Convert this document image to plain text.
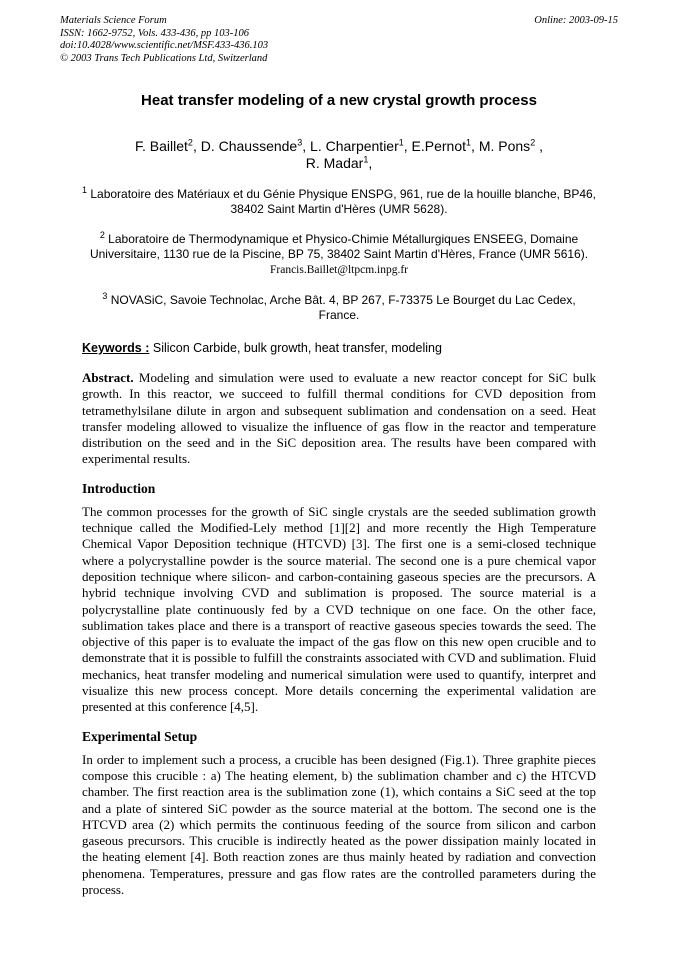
Materials Science Forum
ISSN: 1662-9752, Vols. 433-436, pp 103-106
doi:10.4028/www.scientific.net/MSF.433-436.103
© 2003 Trans Tech Publications Ltd, Switzerland
Online: 2003-09-15
Heat transfer modeling of a new crystal growth process
F. Baillet$^2$, D. Chaussende$^3$, L. Charpentier$^1$, E.Pernot$^1$, M. Pons$^2$ ,
R. Madar$^1$,

$^1$ Laboratoire des Matériaux et du Génie Physique ENSPG, 961, rue de la houille blanche, BP46, 38402 Saint Martin d'Hères (UMR 5628).

$^2$ Laboratoire de Thermodynamique et Physico-Chimie Métallurgiques ENSEEG, Domaine Universitaire, 1130 rue de la Piscine, BP 75, 38402 Saint Martin d'Hères, France (UMR 5616). Francis.Baillet@ltpcm.inpg.fr

$^3$ NOVASiC, Savoie Technolac, Arche Bât. 4, BP 267, F-73375 Le Bourget du Lac Cedex, France.

Keywords : Silicon Carbide, bulk growth, heat transfer, modeling

Abstract. Modeling and simulation were used to evaluate a new reactor concept for SiC bulk growth. In this reactor, we succeed to fulfill thermal conditions for CVD deposition from tetramethylsilane dilute in argon and subsequent sublimation and condensation on a seed. Heat transfer modeling allowed to visualize the influence of gas flow in the reactor and temperature distribution on the seed and in the SiC deposition area. The results have been compared with experimental results.

Introduction

The common processes for the growth of SiC single crystals are the seeded sublimation growth technique called the Modified-Lely method [1][2] and more recently the High Temperature Chemical Vapor Deposition technique (HTCVD) [3]. The first one is a semi-closed technique where a polycrystalline powder is the source material. The second one is a pure chemical vapor deposition technique where silicon- and carbon-containing gaseous species are the precursors. A hybrid technique involving CVD and sublimation is proposed. The source material is a polycrystalline plate continuously fed by a CVD technique on one face. On the other face, sublimation takes place and there is a transport of reactive gaseous species towards the seed. The objective of this paper is to evaluate the impact of the gas flow on this new open crucible and to demonstrate that it is possible to fulfill the constraints associated with CVD and sublimation. Fluid mechanics, heat transfer modeling and numerical simulation were used to quantify, interpret and visualize this new process concept. More details concerning the experimental validation are presented at this conference [4,5].

Experimental Setup

In order to implement such a process, a crucible has been designed (Fig.1). Three graphite pieces compose this crucible : a) The heating element, b) the sublimation chamber and c) the HTCVD chamber. The first reaction area is the sublimation zone (1), which contains a SiC seed at the top and a plate of sintered SiC powder as the source material at the bottom. The second one is the HTCVD area (2) which permits the continuous feeding of the source from silicon and carbon gaseous precursors. This crucible is indirectly heated as the power dissipation mainly located in the heating element [4]. Both reaction zones are thus mainly heated by radiation and convection phenomena. Temperatures, pressure and gas flow rates are the controlled parameters during the process.
